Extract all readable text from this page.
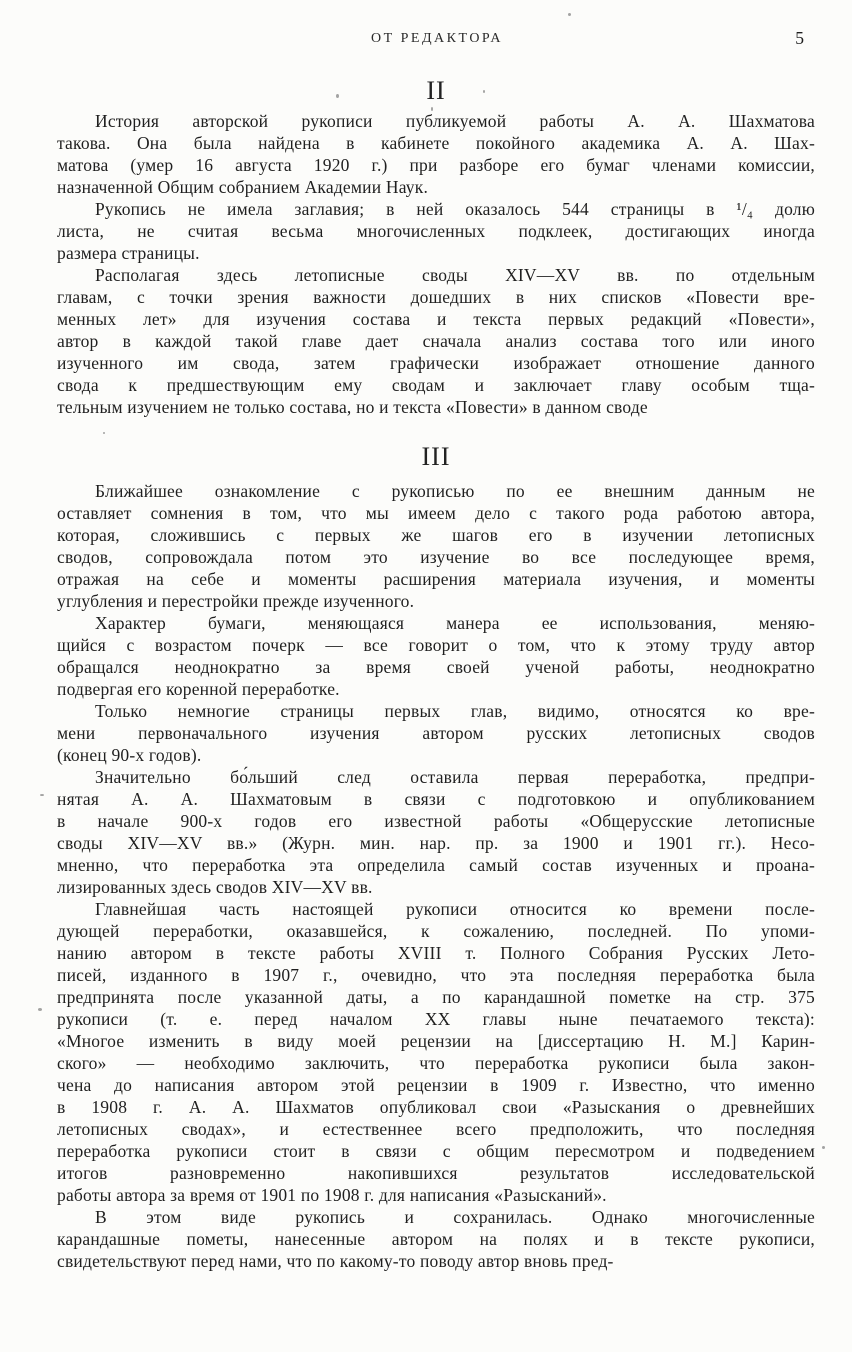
ОТ РЕДАКТОРА	5
II
История авторской рукописи публикуемой работы А. А. Шахматова
такова. Она была найдена в кабинете покойного академика А. А. Шах-
матова (умер 16 августа 1920 г.) при разборе его бумаг членами комиссии,
назначенной Общим собранием Академии Наук.
Рукопись не имела заглавия; в ней оказалось 544 страницы в ¹/₄ долю
листа, не считая весьма многочисленных подклеек, достигающих иногда
размера страницы.
Располагая здесь летописные своды XIV—XV вв. по отдельным
главам, с точки зрения важности дошедших в них списков «Повести вре-
менных лет» для изучения состава и текста первых редакций «Повести»,
автор в каждой такой главе дает сначала анализ состава того или иного
изученного им свода, затем графически изображает отношение данного
свода к предшествующим ему сводам и заключает главу особым тща-
тельным изучением не только состава, но и текста «Повести» в данном своде
III
Ближайшее ознакомление с рукописью по ее внешним данным не
оставляет сомнения в том, что мы имеем дело с такого рода работою автора,
которая, сложившись с первых же шагов его в изучении летописных
сводов, сопровождала потом это изучение во все последующее время,
отражая на себе и моменты расширения материала изучения, и моменты
углубления и перестройки прежде изученного.
Характер бумаги, меняющаяся манера ее использования, меняю-
щийся с возрастом почерк — все говорит о том, что к этому труду автор
обращался неоднократно за время своей ученой работы, неоднократно
подвергая его коренной переработке.
Только немногие страницы первых глав, видимо, относятся ко вре-
мени первоначального изучения автором русских летописных сводов
(конец 90-х годов).
Значительно бо́льший след оставила первая переработка, предпри-
нятая А. А. Шахматовым в связи с подготовкою и опубликованием
в начале 900-х годов его известной работы «Общерусские летописные
своды XIV—XV вв.» (Журн. мин. нар. пр. за 1900 и 1901 гг.). Несо-
мненно, что переработка эта определила самый состав изученных и проана-
лизированных здесь сводов XIV—XV вв.
Главнейшая часть настоящей рукописи относится ко времени после-
дующей переработки, оказавшейся, к сожалению, последней. По упоми-
нанию автором в тексте работы XVIII т. Полного Собрания Русских Лето-
писей, изданного в 1907 г., очевидно, что эта последняя переработка была
предпринята после указанной даты, а по карандашной пометке на стр. 375
рукописи (т. е. перед началом XX главы ныне печатаемого текста):
«Многое изменить в виду моей рецензии на [диссертацию Н. М.] Карин-
ского» — необходимо заключить, что переработка рукописи была закон-
чена до написания автором этой рецензии в 1909 г. Известно, что именно
в 1908 г. А. А. Шахматов опубликовал свои «Разыскания о древнейших
летописных сводах», и естественнее всего предположить, что последняя
переработка рукописи стоит в связи с общим пересмотром и подведением
итогов разновременно накопившихся результатов исследовательской
работы автора за время от 1901 по 1908 г. для написания «Разысканий».
В этом виде рукопись и сохранилась. Однако многочисленные
карандашные пометы, нанесенные автором на полях и в тексте рукописи,
свидетельствуют перед нами, что по какому-то поводу автор вновь пред-
